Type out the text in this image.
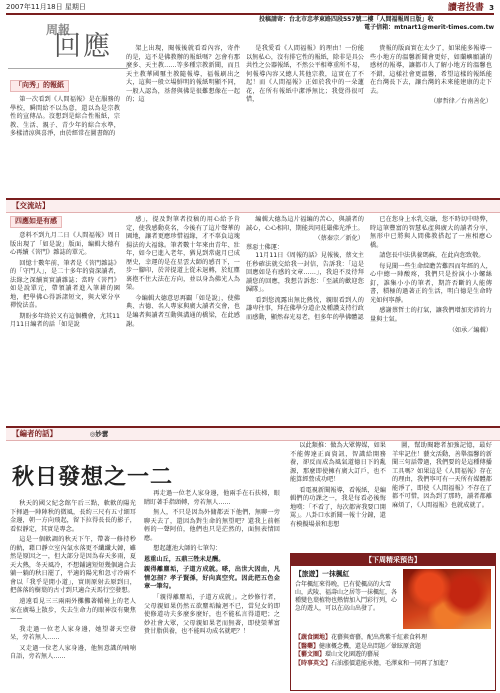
2007年11月18日 星期日	讀者投書 3
周報
回應
投稿請寄：台北市忠孝東路四段557號二樓「人間福報周日版」收
電子信箱：mtnart1@merit-times.com.tw
「向秀」的報紙

第一次看到《人間福報》是在服務的學校，瞬間給不以為意，還以為是宗教性的宣傳品。沒想到是綜合性報紙，宗教、生活、親子、青少年的綜合水準，多樣清涼與喜淨，由於經常在圖書館的

架上出現，閱報後就看看內容，寄件的是，這不是佛教辦的報紙嗎？怎會有那麼多、天主教……等多種宗教新聞，而且天主教華國璽主教隨報導，福報刷出之大，這與一般立場鮮明的報紙明顯不同，一般人認為，基督與佛是很難想像在一起的；這

是我愛看《人間福報》的理由！一份能以無私心，沒有排它性的報紙，除非是具公共性之公器報紙，不然公平相尊重所不易，何報導內容又總人其他宗教，這實在了不起！而《人間福報》正如於我中的一朵蓮花，在所有報紙中潔淨無比；我覺得很可惜，

貴報的版面實在太少了，如果能多報導一些小地方的溫馨新聞會更好，如蘭嶼願讀的感材的報導，讓都市人了解小地方的溫馨也不錯，這樣社會更溫馨，希望這樣的報紙能在台灣長下去，讓台灣的未來能建康的走下去。

（廖哲律／台南善化）
【交流站】
四應如是有感

意料不到九月二日《人間福報》周日版出現了「如是說」版面，編輯大德有心再續《菩門》雜誌的單元。

回憶十數年前，筆者是《菩門雜誌》的「守門人」，是二十多年的資深讀者，法緣之深續實實讀雜誌；當時《菩門》如是說單元，帶領讀者進入筆耕的園地，把學佛心得訴諸短文，與大眾分享禪悅法喜。

期盼多年終於又有這個機會，尤其11月11日編者的話「如是說

感」，提及對筆者投稿的用心給予肯定，使我感動莫名，今後有了這片聲華的園地，讓者更應珍惜福緣，才不辜負這塊揚法的大福緣。筆者數十年來由青年、壯年，如今已進入老年，猶見到常處月已成歷史，幸運的是在星雲大師的感召下，一步一腳印，於菩提道上從未退轉，於紅塵裏抱不住大法在方向，並以身為佛光人為榮。

今編輯大德意思再闢「如是說」，使佛典、古德、名人專家與廣大讀者交會，也是編者與讀者互動與溝通的橋梁，在此感謝。

編輯大德為這片福編的苦心，與讀者的誠心，心心相印，期能共同莊嚴佛光淨土。

（蔡秦宗／新化）
蔡惡士佛運：

11月11日《周報的話》見報後，蔡文主任秒確法就交給我一封信，告訴我：「這是回應如是有感的文章……」，我迫不及待拜讀您的回應，我想告訴您：「至誠的歡迎您歸隊」。

看到您流露出無比熱忱，親眼看到人的謙卑往事，拜在佛學分道企及種讚支持行政而感動，顯然春光易老，但多年的學佛體認

已在您身上水乳交融，您不時切中時弊，時這筆豐富的智慧私產與廣大的讀者分享，無形中已將與人間佛教搭起了一座相應心橋。

請您長中法供養瑪蘇，在此向您致敬。

每見聞一些生命綻瞻苦難四而年經的人，心中總一陣酸疼，我們只是扮演小小螺絲釘，誰集小小的筆者，期許否斷的人能傳書，積極的過著正的生活，明白德是生命時光如何寧靜。

感謝蔡哲士的打氣，讓我們增加充沛的力量與士氣。

（如承／編輯）
【編者的話】	◎妙蕓
秋日發想之一二

秋天的國父紀念館午后三點，軟軟的陽光下揮過一陣陣秋的微風，長約三尺有五寸細耳金邊，朝一方向飛起，留下拉得長長的影子，看似靜定，其實是專念。

這是一個軟調的秋天下午，帶著一修持秒的軌，藉口靜立室內氣水落更不纖纖大韓，雖然是原因之一，但大部分是因為春天多雨，夏天大熱，冬天風冷，不想鋪適短短幾個適合去躺一躺的秋日罷了，平適的陽光和忽寸冷兩不會以「我乎是閒小道」，實則原射去原到日，把落落的樹葉的古寸到只適合天馬行空發想。

遠遠看見三三兩兩外攤攤著轎椅上的老人家在廣場上散步，失去生命力的眼神沒有聚焦——

我走過一位老人家身邊，她望著天空發呆，旁若無人……

又走過一位老人家身邊，他無意識的喃喃自語，旁若無人……

再走過一位老人家身邊，他兩手在石扶梯，眼睛盯著手指頭轉，旁若無人……

無人，不只是因為外傭都丟下他們，無聊一旁聊天去了，還因為對生命的無望吧？還我上前輕輕的一聲阿伯，他們也只是茫然的，面無表情回應。

想起蓮池大師的七筆勾：

恩重山丘，五鼎三牲未足酬。

親得離塵垢，子道方成就。嗏，出世大因由，凡情怎剖？孝子賢孫，好向真空究。因此把五色金章一筆勾。

「親得離塵垢，子道方成就」。之妙修行者，父母親如果仍然五欲塵垢輪迴不已，當兒女的即使修道功夫多麼多麼好，也不能私言得道吧；之妙社會大眾，父母親如果老而無著，即使榮華富貴甘脂供養，也不能叫功成名就吧？！

以此類推：做為大眾傳媒，如果不能傳達正面資訊，智識給開務養，卻反而成為風氣道德日下的亂源，那麼即使擁有廣大訂戶，也不能算經營成功吧！

看電視新聞報導，看報紙，是編輯們的功課之一，我是每看必後悔地嘆：「不看了，每次都害我要口開罵」。八卦口水新聞一報十分鐘，還有模擬場景和悲想

圖，幫助閱聽者加強記憶，最好羊牢記住！藝文活動，善舉溫馨的新聞三句話帶過，我們要的是這種傳播工具嗎？如果這是《人間福報》存在的理由，我們寧可有一天所有媒體都能淨了，即使《人間福報》不存在了都不可惜，因為到了那時，讀者都離麻煩了，《人間福報》也就成就了。

【下周精采預告】
【旅遊】一抹楓紅
合年楓紅來得晚，已有從楓高的大雪山，武陵、福壽山之居等一抹楓紅，各種變色葉植物也熱情加入鬥彩行列，心急的遊人，可以在高山出發了。
【蔬食園地】花藝與齋藝，配出萬紫千紅素食料理
【醫藥】健康概念機，還是出問題／暈眩原貪題
【藝文圈】環山文化園遊的藝展
【時事英文】石油漲價還能承擔，毛澤東和一同再了加進？
